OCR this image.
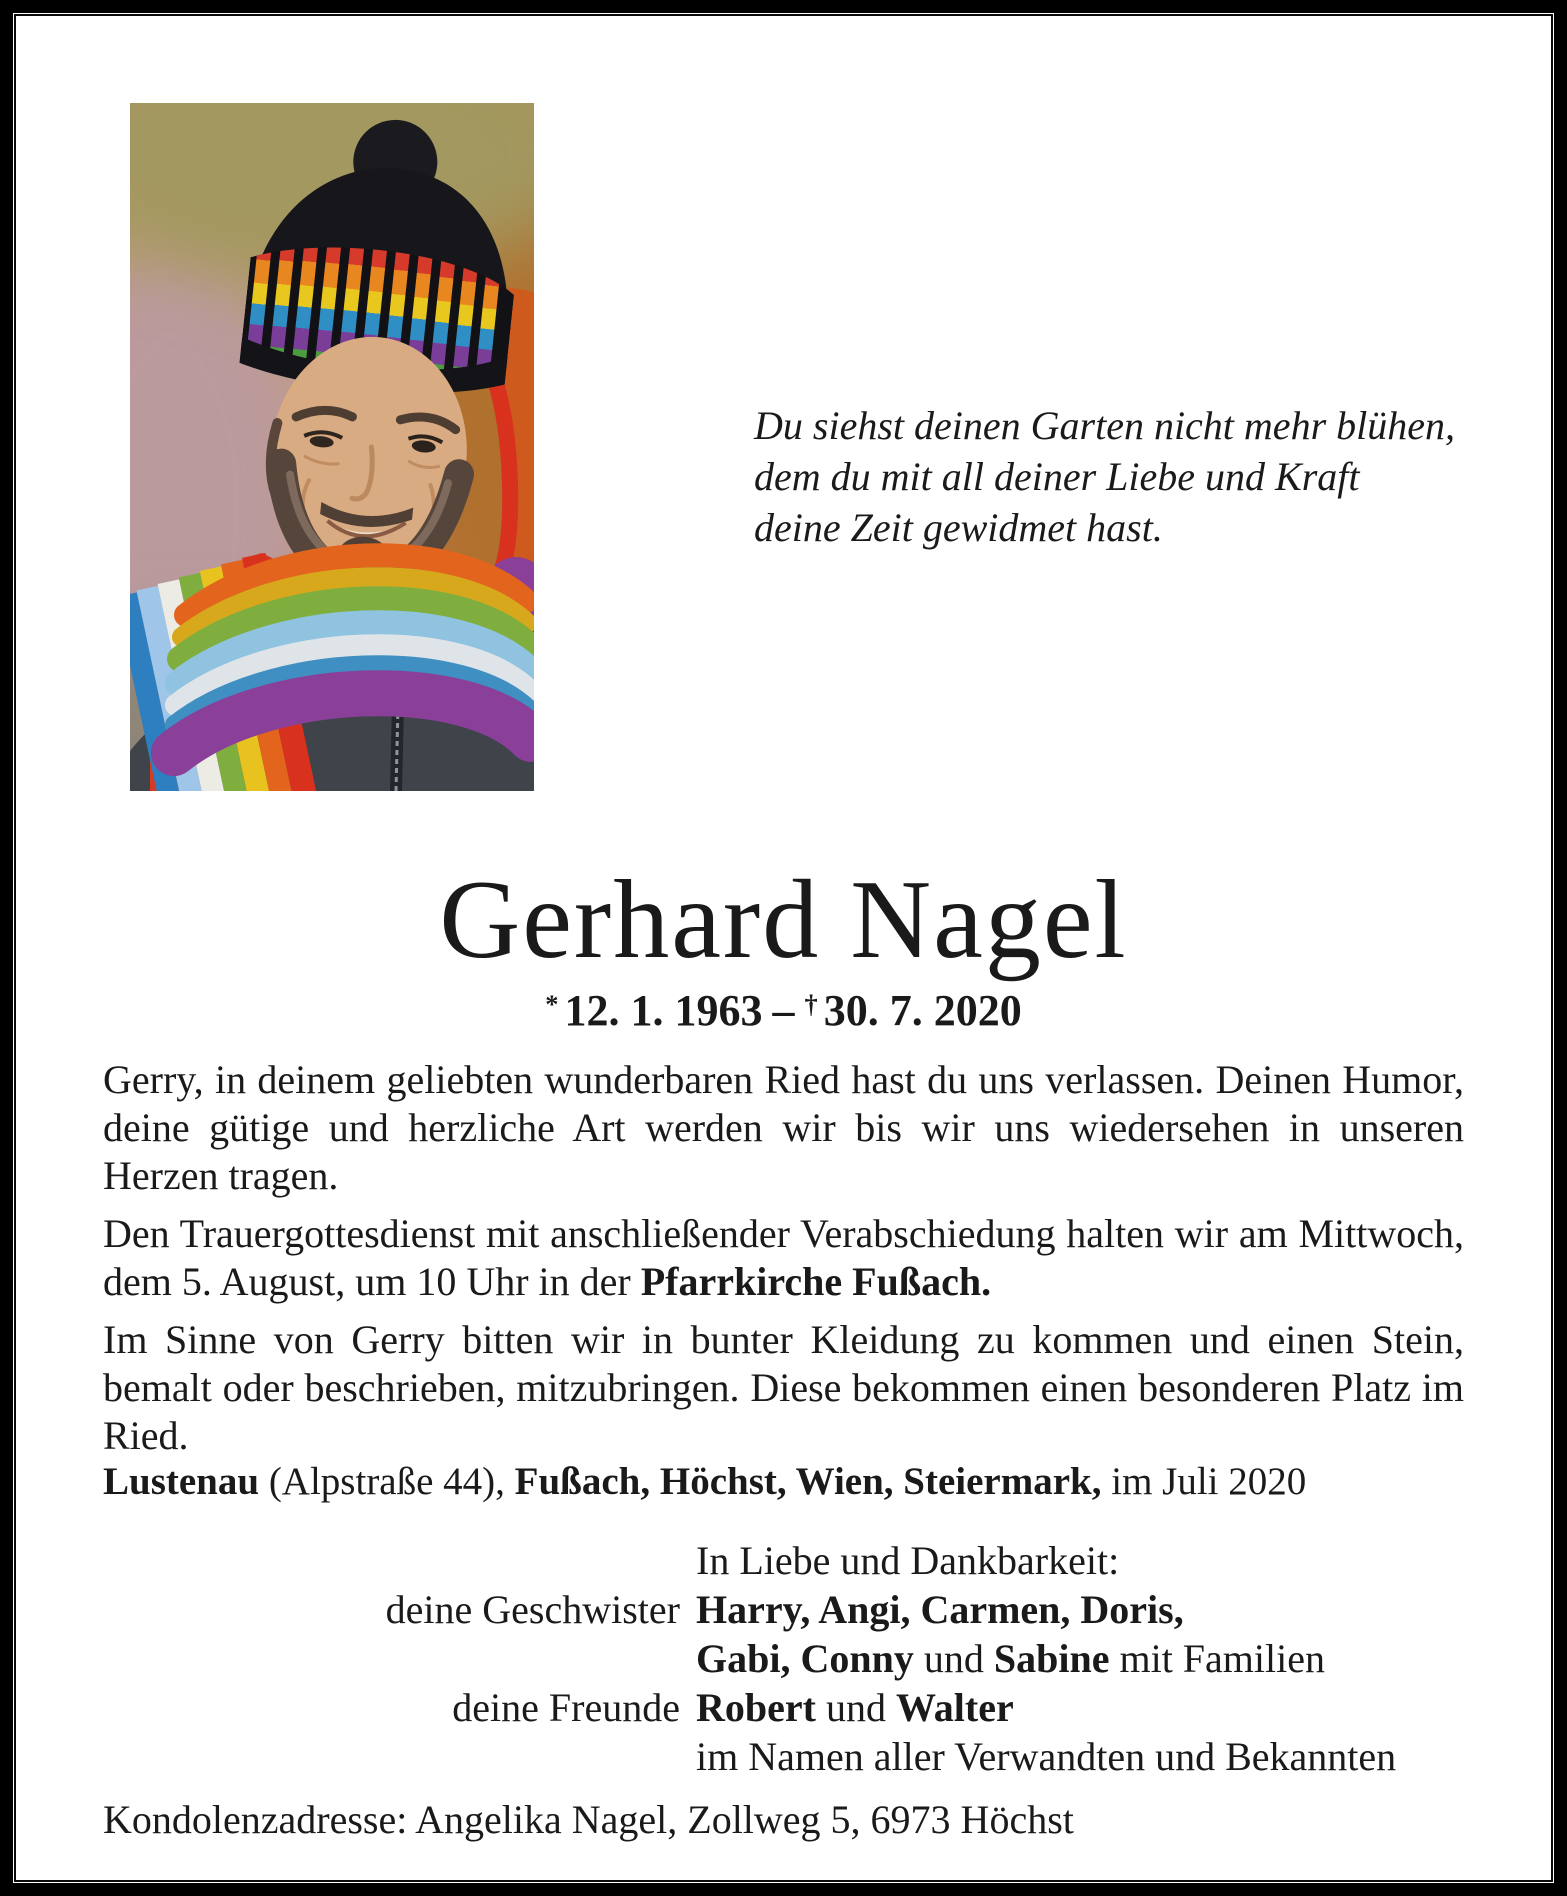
Du siehst deinen Garten nicht mehr blühen,
dem du mit all deiner Liebe und Kraft
deine Zeit gewidmet hast.
Gerhard Nagel
* 12. 1. 1963 – † 30. 7. 2020

Gerry, in deinem geliebten wunderbaren Ried hast du uns verlassen. Deinen Humor, deine gütige und herzliche Art werden wir bis wir uns wiedersehen in unseren Herzen tragen.

Den Trauergottesdienst mit anschließender Verabschiedung halten wir am Mittwoch, dem 5. August, um 10 Uhr in der Pfarrkirche Fußach.

Im Sinne von Gerry bitten wir in bunter Kleidung zu kommen und einen Stein, bemalt oder beschrieben, mitzubringen. Diese bekommen einen besonderen Platz im Ried.

Lustenau (Alpstraße 44), Fußach, Höchst, Wien, Steiermark, im Juli 2020
In Liebe und Dankbarkeit:
deine Geschwister Harry, Angi, Carmen, Doris,
Gabi, Conny und Sabine mit Familien
deine Freunde Robert und Walter
im Namen aller Verwandten und Bekannten
Kondolenzadresse: Angelika Nagel, Zollweg 5, 6973 Höchst
